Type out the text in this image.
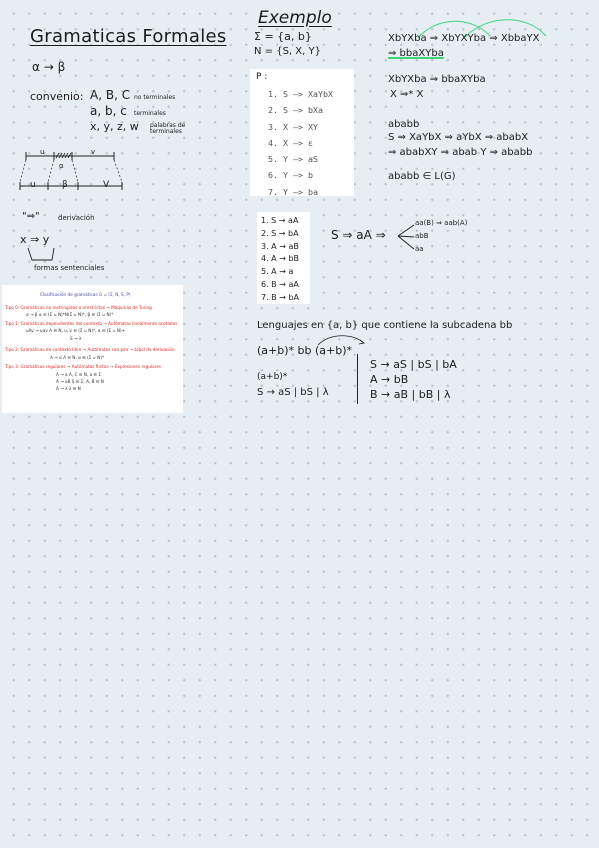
Gramaticas Formales
α → β
convenio: A, B, C no terminales
a, b, c terminales
x, y, z, w palabras de terminales
u	v
α
u	β	V
"⇒"	derivación
x ⇒ y
formas sentenciales
Clasificación de gramáticas G = (Σ, N, S, P)
Tipo 0: Gramáticas no restringidas o irrestrictas → Máquinas de Turing
α → β α ∈ (Σ ∪ N)*N(Σ ∪ N)*, β ∈ (Σ ∪ N)*
Tipo 1: Gramáticas dependientes del contexto → Autómatas linealmente acotados
uAv → uαv A ∈ N, u, v ∈ (Σ ∪ N)*, α ∈ (Σ ∪ N)+
S → λ
Tipo 2: Gramáticas de contexto libre → Autómatas con pila → árbol de derivación
A → α A ∈ N, α ∈ (Σ ∪ N)*
Tipo 3: Gramáticas regulares → Autómatas finitos → Expresiones regulares
A → a A, C ∈ N, a ∈ Σ
A → aB S ∈ Σ, A, B ∈ N
A → λ λ ∈ N
Exemplo
Σ = {a, b}
N = {S, X, Y}
P :
1. S —> XaYbX
2. S —> bXa
3. X —> XY
4. X —> ε
5. Y —> aS
6. Y —> b
7. Y —> ba
1. S → aA
2. S → bA
3. A → aB
4. A → bB
5. A → a
6. B → aA
7. B → bA
XbYXba ⇒ XbYXYba ⇒ XbbaYX
⇒ bbaXYba
XbYXba ⇒ bbaXYba
X ⇒* X
ababb
S ⇒ XaYbX ⇒ aYbX ⇒ ababX
⇒ ababXY ⇒ abab Y ⇒ ababb
ababb ∈ L(G)
S ⇒ aA ⇒
aa(B) ⇒ aab(A)
abB
aa
Lenguajes en {a, b} que contiene la subcadena bb
(a+b)* bb (a+b)*
(a+b)*
S → aS | bS | λ
S → aS | bS | bA
A → bB
B → aB | bB | λ
